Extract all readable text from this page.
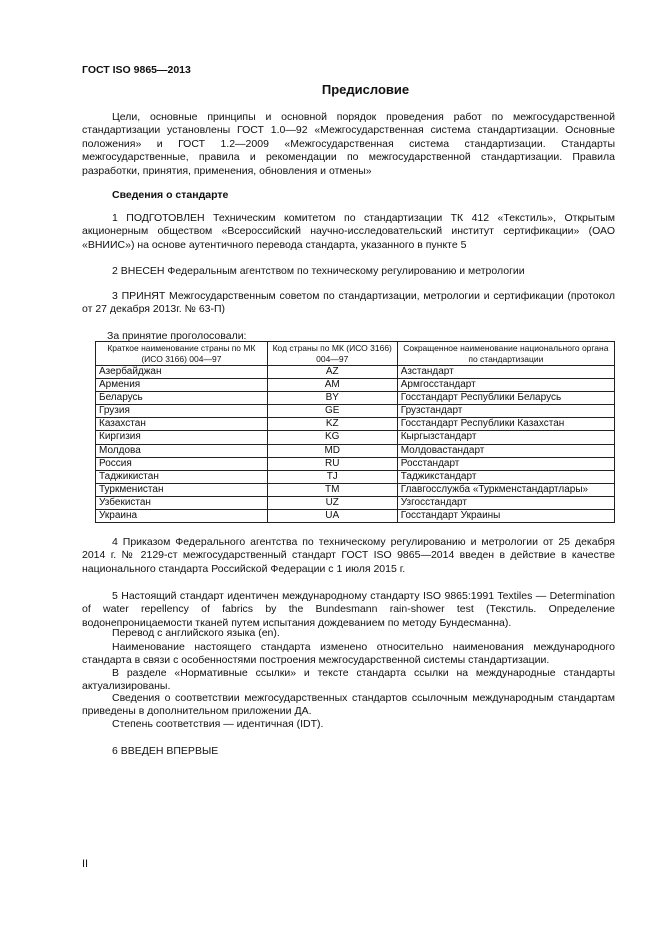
ГОСТ ISO 9865—2013
Предисловие
Цели, основные принципы и основной порядок проведения работ по межгосударственной стандартизации установлены ГОСТ 1.0—92 «Межгосударственная система стандартизации. Основные положения» и ГОСТ 1.2—2009 «Межгосударственная система стандартизации. Стандарты межгосударственные, правила и рекомендации по межгосударственной стандартизации. Правила разработки, принятия, применения, обновления и отмены»
Сведения о стандарте
1 ПОДГОТОВЛЕН Техническим комитетом по стандартизации ТК 412 «Текстиль», Открытым акционерным обществом «Всероссийский научно-исследовательский институт сертификации» (ОАО «ВНИИС») на основе аутентичного перевода стандарта, указанного в пункте 5
2 ВНЕСЕН Федеральным агентством по техническому регулированию и метрологии
3 ПРИНЯТ Межгосударственным советом по стандартизации, метрологии и сертификации (протокол от 27 декабря 2013г. № 63-П)
За принятие проголосовали:
Краткое наименование страны по МК (ИСО 3166) 004—97	Код страны по МК (ИСО 3166) 004—97	Сокращенное наименование национального органа по стандартизации
Азербайджан	AZ	Азстандарт
Армения	AM	Армгосстандарт
Беларусь	BY	Госстандарт Республики Беларусь
Грузия	GE	Грузстандарт
Казахстан	KZ	Госстандарт Республики Казахстан
Киргизия	KG	Кыргызстандарт
Молдова	MD	Молдовастандарт
Россия	RU	Росстандарт
Таджикистан	TJ	Таджикстандарт
Туркменистан	TM	Главгосслужба «Туркменстандартлары»
Узбекистан	UZ	Узгосстандарт
Украина	UA	Госстандарт Украины
4 Приказом Федерального агентства по техническому регулированию и метрологии от 25 декабря 2014 г. № 2129-ст межгосударственный стандарт ГОСТ ISO 9865—2014 введен в действие в качестве национального стандарта Российской Федерации с 1 июля 2015 г.
5 Настоящий стандарт идентичен международному стандарту ISO 9865:1991 Textiles — Determination of water repellency of fabrics by the Bundesmann rain-shower test (Текстиль. Определение водонепроницаемости тканей путем испытания дождеванием по методу Бундесманна).
Перевод с английского языка (en).
Наименование настоящего стандарта изменено относительно наименования международного стандарта в связи с особенностями построения межгосударственной системы стандартизации.
В разделе «Нормативные ссылки» и тексте стандарта ссылки на международные стандарты актуализированы.
Сведения о соответствии межгосударственных стандартов ссылочным международным стандартам приведены в дополнительном приложении ДА.
Степень соответствия — идентичная (IDT).
6 ВВЕДЕН ВПЕРВЫЕ
II
